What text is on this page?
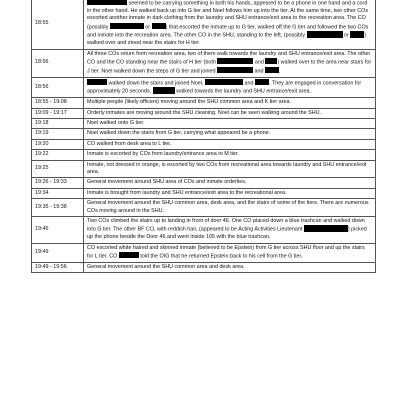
18:55	seemed to be carrying something in both his hands, appeared to be a phone in one hand and a cord in the other hand. He walked back up into G tier and Noel follows him up into the tier. At the same time, two other COs escorted another inmate in dark clothing from the laundry and SHU entrance/exit area to the recreation area. The CO (possibly or ) that escorted the inmate up to G tier, walked off the G tier and followed the two COs and inmate into the recreation area. The other CO in the SHU, standing to the left, (possibly or ) walked over and stood near the stairs for H tier.
18:56	All three COs return from recreation area, two of them walk towards the laundry and SHU entrance/exit area. The other CO and the CO standing near the stairs of H tier (both and ) walked over to the area near stairs for J tier. Noel walked down the steps of G tier and joined and .
18:56	walked down the stairs and joined Noel, and . They are engaged in conversation for approximately 20 seconds. walked towards the laundry and SHU entrance/exit area.
18:55 - 19:08	Multiple people (likely officers) moving around the SHU common area and K tier area.
19:09 - 19:17	Orderly inmates are moving around the SHU cleaning. Noel can be seen walking around the SHU.
19:18	Noel walked onto G tier.
19:19	Noel walked down the stairs from G tier, carrying what appeared be a phone.
19:20	CO walked from desk area to L tier.
19:22	Inmate is escorted by COs from laundry/entrance area to M tier.
19:25	Inmate, not dressed in orange, is escorted by two COs from recreational area towards laundry and SHU entrance/exit area.
19:26 - 19:33	General movement around SHU area of COs and inmate orderlies.
19:34	Inmate is brought from laundry and SHU entrance/exit area to the recreational area.
19:35 - 19:38	General movement around the SHU common area, desk area, and the stairs of some of the tiers. There are numerous COs moving around in the SHU.
19:46	Two COs climbed the stairs up to landing in front of door 46. One CO placed down a blue trashcan and walked down into G tier. The other BF CO, with reddish hair, (appeared to be Acting Activities Lieutenant ) picked up the phone beside the Door 46 and went inside 105 with the blue trashcan.
19:49	CO escorted white haired and skinned inmate (believed to be Epstein) from G tier across SHU floor and up the stairs for L tier. CO told the OIG that he returned Epstein back to his cell from the G tier.
19:49 - 19:56	General movement around the SHU common area and desk area.
